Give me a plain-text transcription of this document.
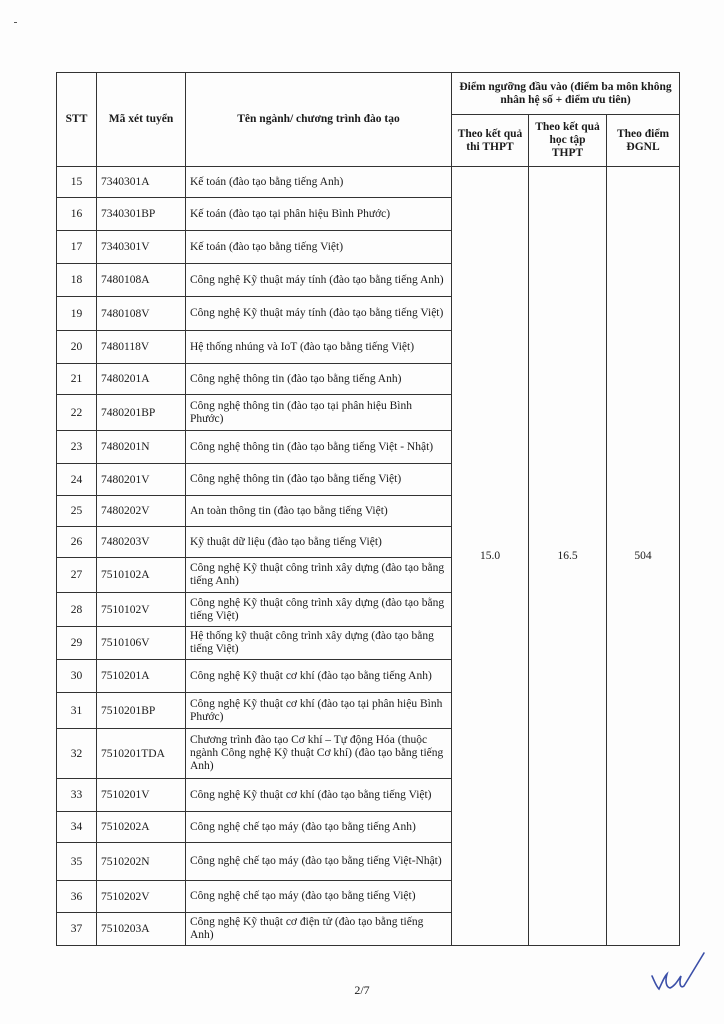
STT	Mã xét tuyển	Tên ngành/ chương trình đào tạo	Điểm ngưỡng đầu vào (điểm ba môn không nhân hệ số + điểm ưu tiên)		
			Theo kết quả thi THPT	Theo kết quả học tập THPT	Theo điểm ĐGNL
15	7340301A	Kế toán (đào tạo bằng tiếng Anh)	15.0	16.5	504
16	7340301BP	Kế toán (đào tạo tại phân hiệu Bình Phước)			
17	7340301V	Kế toán (đào tạo bằng tiếng Việt)			
18	7480108A	Công nghệ Kỹ thuật máy tính (đào tạo bằng tiếng Anh)			
19	7480108V	Công nghệ Kỹ thuật máy tính (đào tạo bằng tiếng Việt)			
20	7480118V	Hệ thống nhúng và IoT (đào tạo bằng tiếng Việt)			
21	7480201A	Công nghệ thông tin (đào tạo bằng tiếng Anh)			
22	7480201BP	Công nghệ thông tin (đào tạo tại phân hiệu Bình Phước)			
23	7480201N	Công nghệ thông tin (đào tạo bằng tiếng Việt - Nhật)			
24	7480201V	Công nghệ thông tin (đào tạo bằng tiếng Việt)			
25	7480202V	An toàn thông tin (đào tạo bằng tiếng Việt)			
26	7480203V	Kỹ thuật dữ liệu (đào tạo bằng tiếng Việt)			
27	7510102A	Công nghệ Kỹ thuật công trình xây dựng (đào tạo bằng tiếng Anh)			
28	7510102V	Công nghệ Kỹ thuật công trình xây dựng (đào tạo bằng tiếng Việt)			
29	7510106V	Hệ thống kỹ thuật công trình xây dựng (đào tạo bằng tiếng Việt)			
30	7510201A	Công nghệ Kỹ thuật cơ khí (đào tạo bằng tiếng Anh)			
31	7510201BP	Công nghệ Kỹ thuật cơ khí (đào tạo tại phân hiệu Bình Phước)			
32	7510201TDA	Chương trình đào tạo Cơ khí – Tự động Hóa (thuộc ngành Công nghệ Kỹ thuật Cơ khí) (đào tạo bằng tiếng Anh)			
33	7510201V	Công nghệ Kỹ thuật cơ khí (đào tạo bằng tiếng Việt)			
34	7510202A	Công nghệ chế tạo máy (đào tạo bằng tiếng Anh)			
35	7510202N	Công nghệ chế tạo máy (đào tạo bằng tiếng Việt-Nhật)			
36	7510202V	Công nghệ chế tạo máy (đào tạo bằng tiếng Việt)			
37	7510203A	Công nghệ Kỹ thuật cơ điện tử (đào tạo bằng tiếng Anh)			
2/7
